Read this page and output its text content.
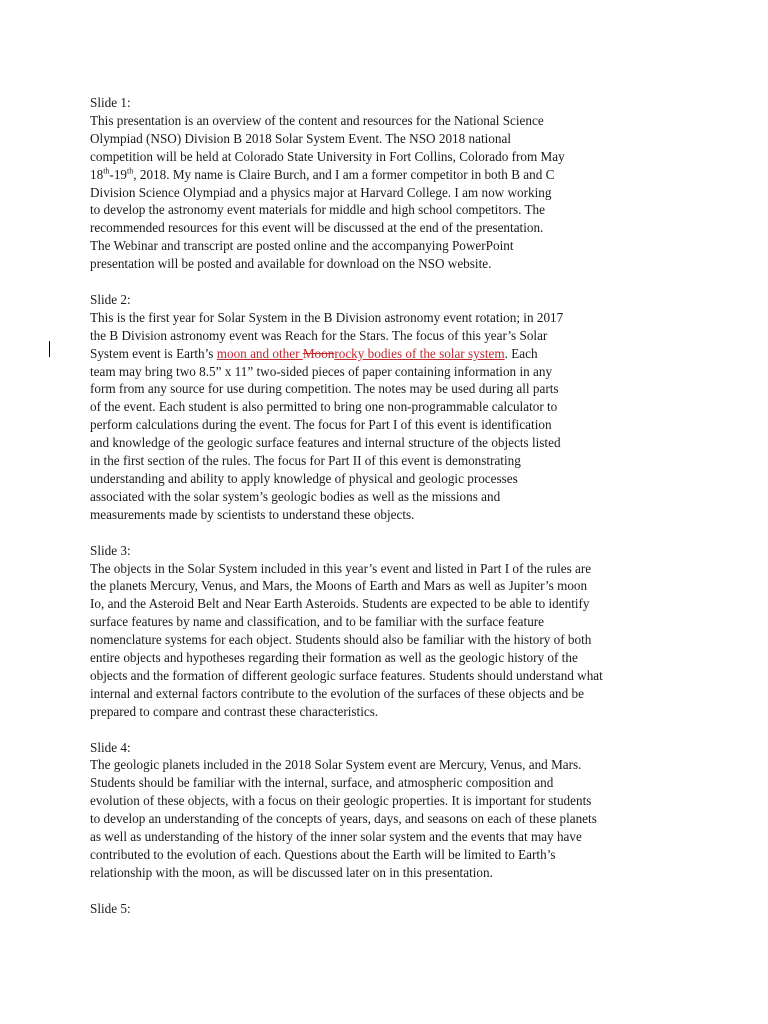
Slide 1:
This presentation is an overview of the content and resources for the National Science
Olympiad (NSO) Division B 2018 Solar System Event. The NSO 2018 national
competition will be held at Colorado State University in Fort Collins, Colorado from May
18th-19th, 2018. My name is Claire Burch, and I am a former competitor in both B and C
Division Science Olympiad and a physics major at Harvard College. I am now working
to develop the astronomy event materials for middle and high school competitors. The
recommended resources for this event will be discussed at the end of the presentation.
The Webinar and transcript are posted online and the accompanying PowerPoint
presentation will be posted and available for download on the NSO website.
Slide 2:
This is the first year for Solar System in the B Division astronomy event rotation; in 2017
the B Division astronomy event was Reach for the Stars. The focus of this year’s Solar
System event is Earth’s moon and other Moonrocky bodies of the solar system. Each
team may bring two 8.5” x 11” two-sided pieces of paper containing information in any
form from any source for use during competition. The notes may be used during all parts
of the event. Each student is also permitted to bring one non-programmable calculator to
perform calculations during the event. The focus for Part I of this event is identification
and knowledge of the geologic surface features and internal structure of the objects listed
in the first section of the rules. The focus for Part II of this event is demonstrating
understanding and ability to apply knowledge of physical and geologic processes
associated with the solar system’s geologic bodies as well as the missions and
measurements made by scientists to understand these objects.
Slide 3:
The objects in the Solar System included in this year’s event and listed in Part I of the rules are
the planets Mercury, Venus, and Mars, the Moons of Earth and Mars as well as Jupiter’s moon
Io, and the Asteroid Belt and Near Earth Asteroids. Students are expected to be able to identify
surface features by name and classification, and to be familiar with the surface feature
nomenclature systems for each object. Students should also be familiar with the history of both
entire objects and hypotheses regarding their formation as well as the geologic history of the
objects and the formation of different geologic surface features. Students should understand what
internal and external factors contribute to the evolution of the surfaces of these objects and be
prepared to compare and contrast these characteristics.
Slide 4:
The geologic planets included in the 2018 Solar System event are Mercury, Venus, and Mars.
Students should be familiar with the internal, surface, and atmospheric composition and
evolution of these objects, with a focus on their geologic properties. It is important for students
to develop an understanding of the concepts of years, days, and seasons on each of these planets
as well as understanding of the history of the inner solar system and the events that may have
contributed to the evolution of each. Questions about the Earth will be limited to Earth’s
relationship with the moon, as will be discussed later on in this presentation.
Slide 5:
